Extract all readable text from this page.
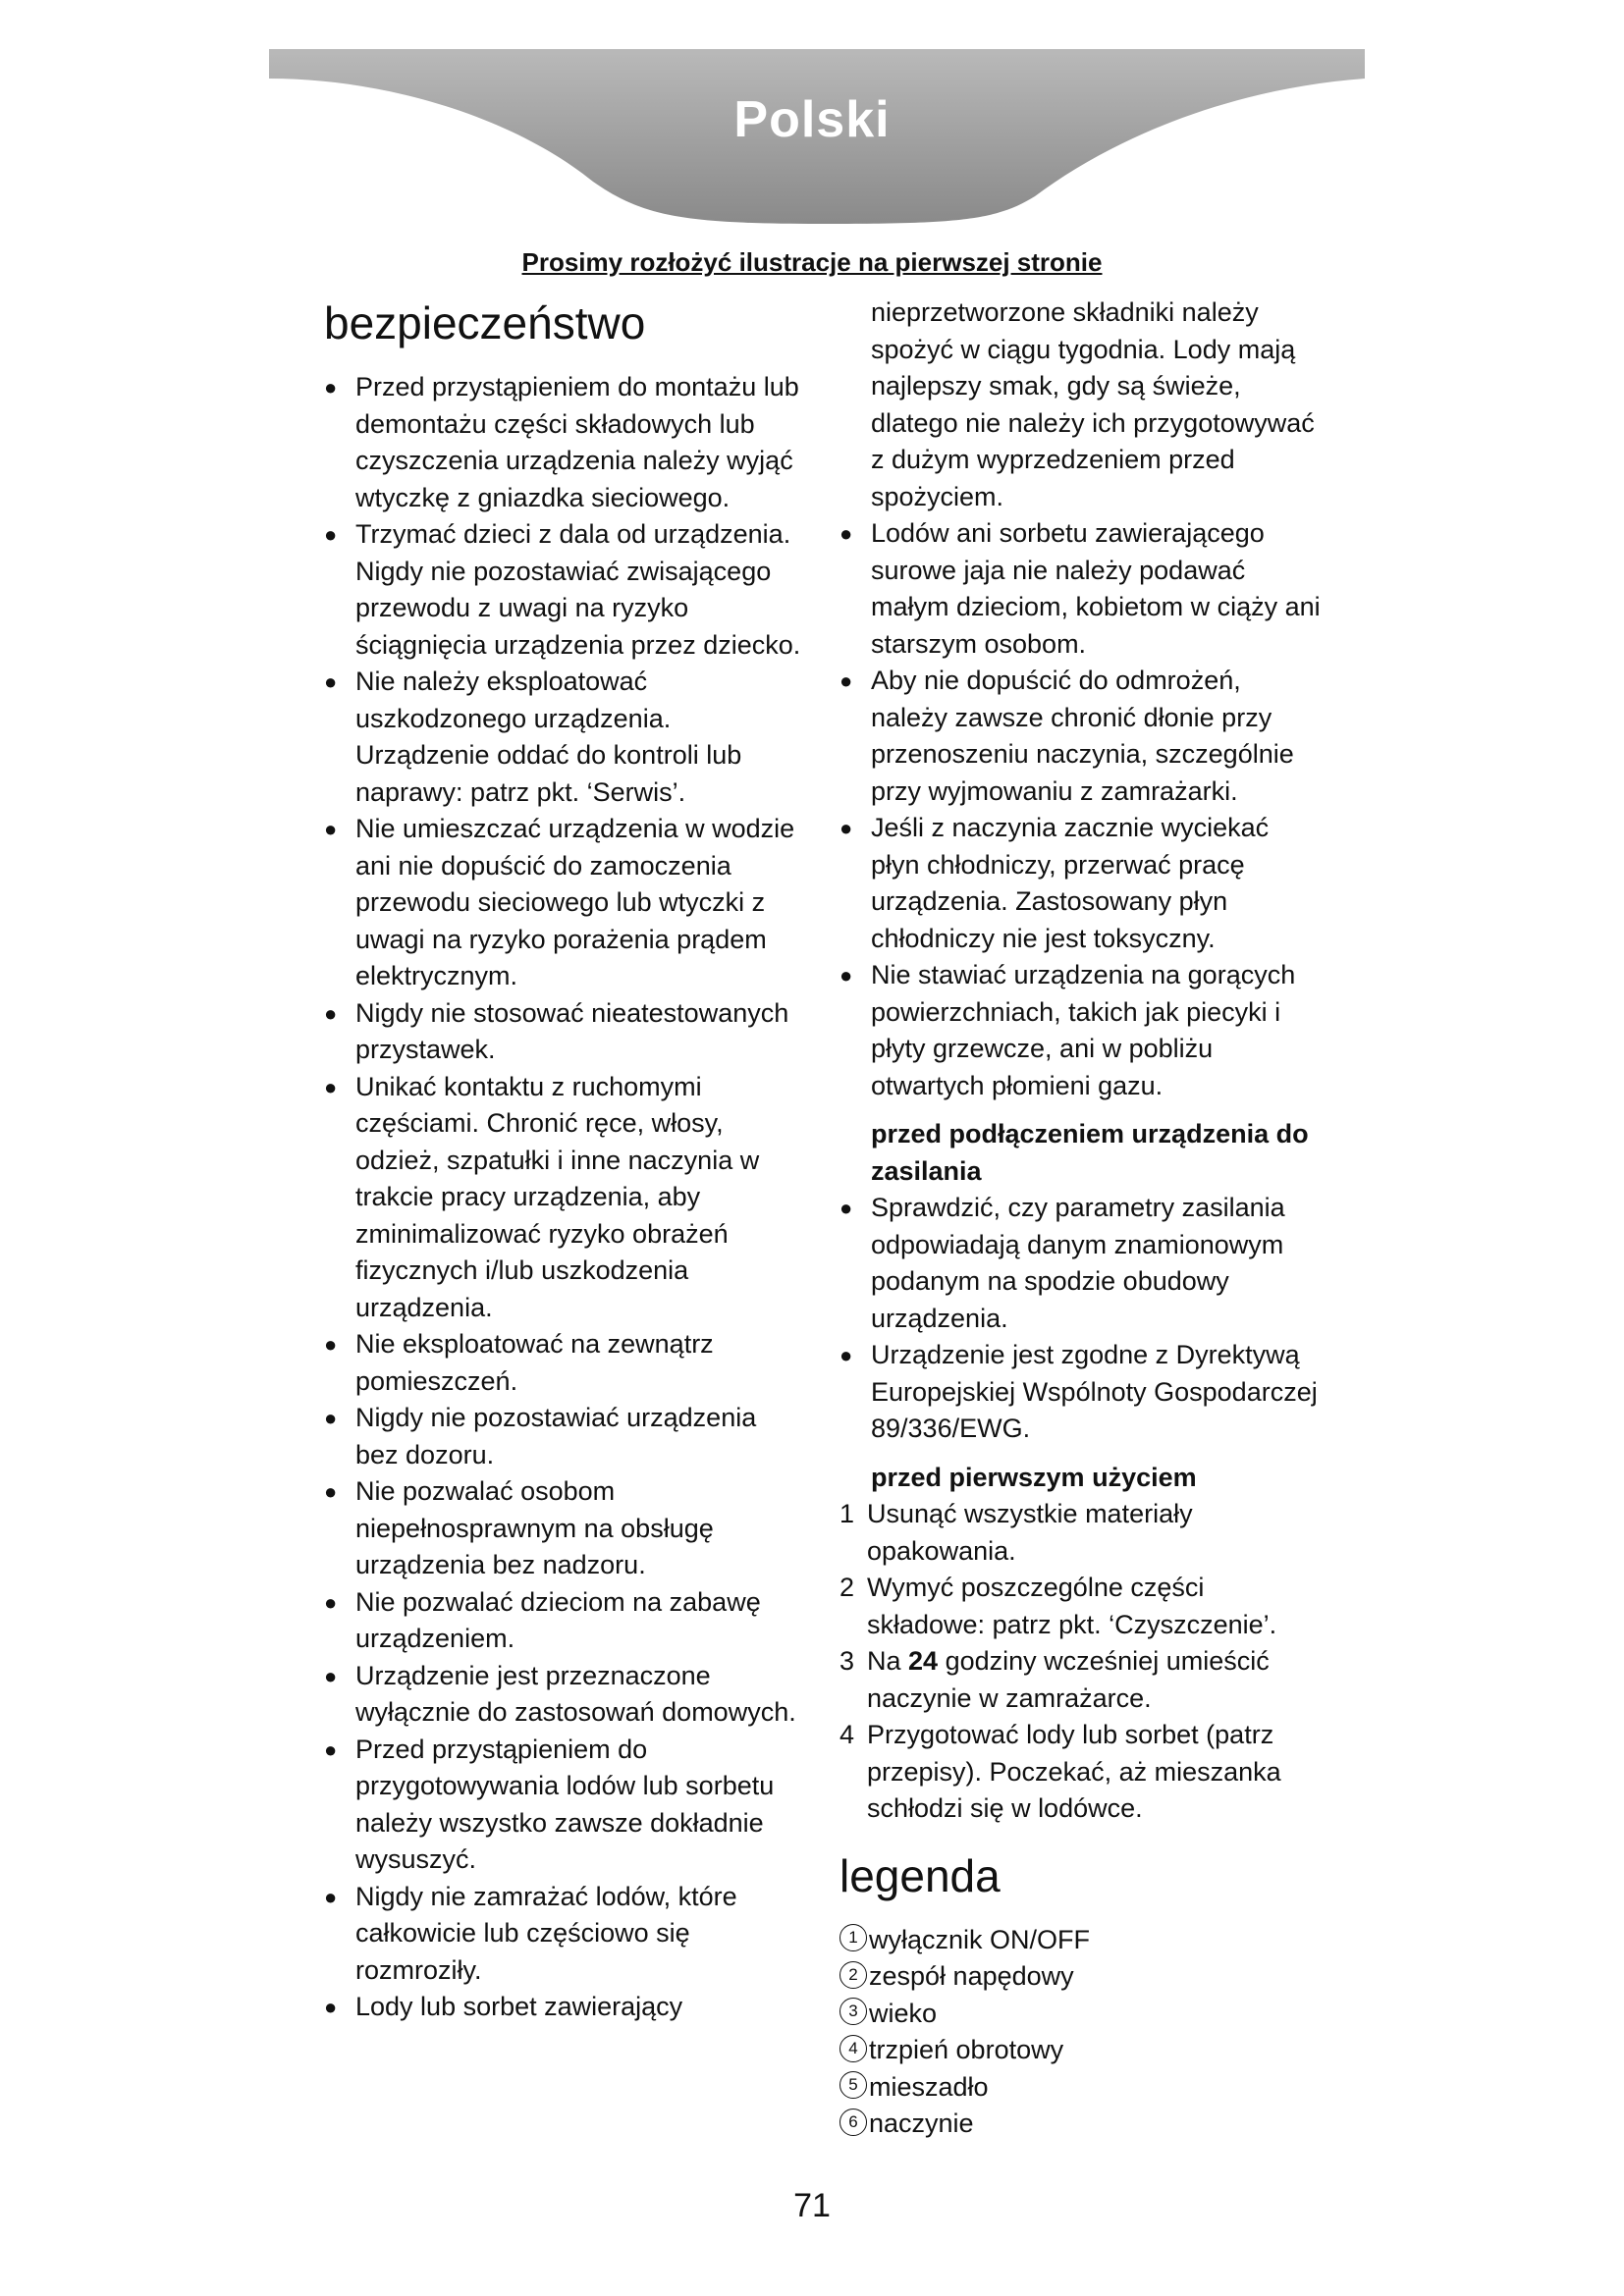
Polski
Prosimy rozłożyć ilustracje na pierwszej stronie
bezpieczeństwo
● Przed przystąpieniem do montażu lub demontażu części składowych lub czyszczenia urządzenia należy wyjąć wtyczkę z gniazdka sieciowego.
● Trzymać dzieci z dala od urządzenia. Nigdy nie pozostawiać zwisającego przewodu z uwagi na ryzyko ściągnięcia urządzenia przez dziecko.
● Nie należy eksploatować uszkodzonego urządzenia. Urządzenie oddać do kontroli lub naprawy: patrz pkt. ‘Serwis’.
● Nie umieszczać urządzenia w wodzie ani nie dopuścić do zamoczenia przewodu sieciowego lub wtyczki z uwagi na ryzyko porażenia prądem elektrycznym.
● Nigdy nie stosować nieatestowanych przystawek.
● Unikać kontaktu z ruchomymi częściami. Chronić ręce, włosy, odzież, szpatułki i inne naczynia w trakcie pracy urządzenia, aby zminimalizować ryzyko obrażeń fizycznych i/lub uszkodzenia urządzenia.
● Nie eksploatować na zewnątrz pomieszczeń.
● Nigdy nie pozostawiać urządzenia bez dozoru.
● Nie pozwalać osobom niepełnosprawnym na obsługę urządzenia bez nadzoru.
● Nie pozwalać dzieciom na zabawę urządzeniem.
● Urządzenie jest przeznaczone wyłącznie do zastosowań domowych.
● Przed przystąpieniem do przygotowywania lodów lub sorbetu należy wszystko zawsze dokładnie wysuszyć.
● Nigdy nie zamrażać lodów, które całkowicie lub częściowo się rozmroziły.
● Lody lub sorbet zawierający

nieprzetworzone składniki należy spożyć w ciągu tygodnia. Lody mają najlepszy smak, gdy są świeże, dlatego nie należy ich przygotowywać z dużym wyprzedzeniem przed spożyciem.

● Lodów ani sorbetu zawierającego surowe jaja nie należy podawać małym dzieciom, kobietom w ciąży ani starszym osobom.
● Aby nie dopuścić do odmrożeń, należy zawsze chronić dłonie przy przenoszeniu naczynia, szczególnie przy wyjmowaniu z zamrażarki.
● Jeśli z naczynia zacznie wyciekać płyn chłodniczy, przerwać pracę urządzenia. Zastosowany płyn chłodniczy nie jest toksyczny.
● Nie stawiać urządzenia na gorących powierzchniach, takich jak piecyki i płyty grzewcze, ani w pobliżu otwartych płomieni gazu.
przed podłączeniem urządzenia do zasilania
● Sprawdzić, czy parametry zasilania odpowiadają danym znamionowym podanym na spodzie obudowy urządzenia.
● Urządzenie jest zgodne z Dyrektywą Europejskiej Wspólnoty Gospodarczej 89/336/EWG.
przed pierwszym użyciem
1 Usunąć wszystkie materiały opakowania.
2 Wymyć poszczególne części składowe: patrz pkt. ‘Czyszczenie’.
3 Na 24 godziny wcześniej umieścić naczynie w zamrażarce.
4 Przygotować lody lub sorbet (patrz przepisy). Poczekać, aż mieszanka schłodzi się w lodówce.
legenda
1 wyłącznik ON/OFF
2 zespół napędowy
3 wieko
4 trzpień obrotowy
5 mieszadło
6 naczynie
71
